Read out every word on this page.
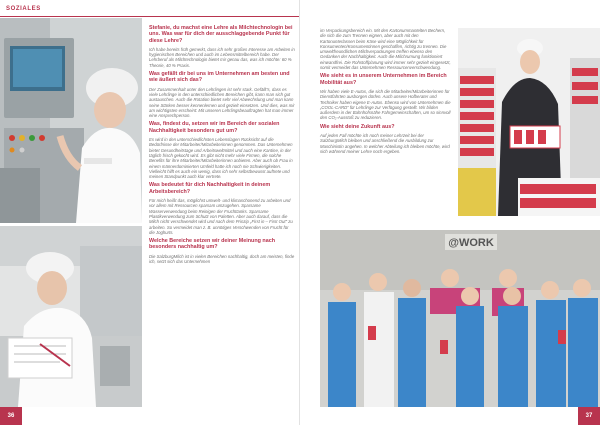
SOZIALES
Stefanie, du machst eine Lehre als Milchtechnologin bei uns. Was war für dich der ausschlaggebende Punkt für diese Lehre?

Ich habe bereits früh gemerkt, dass ich sehr großes Interesse am Arbeiten in hygienischen Bereichen und auch im Lebensmittelbereich habe. Der Lehrberuf als Milchtechnologin bietet mir genau das, was ich möchte: 60 % Theorie, 40 % Praxis.

Was gefällt dir bei uns im Unternehmen am besten und wie äußert sich das?

Der Zusammenhalt unter den Lehrlingen ist sehr stark. Gefällt's, dass es viele Lehrlinge in den unterschiedlichen Bereichen gibt, kann man sich gut austauschen. Auch die Rotation bietet sehr viel Abwechslung und man kann seine Stärken besser kennenlernen und gezielt einsetzen. Und dies, was mir am wichtigsten erscheint: Mit unseren Lehrlingsbeauftragten hat man immer eine Ansprechperson.

Was, findest du, setzen wir im Bereich der sozialen Nachhaltigkeit besonders gut um?

Es wird in den unterschiedlichsten Lebenslagen Rücksicht auf die Bedürfnisse der Mitarbeiter/Mitarbeiterinnen genommen. Das Unternehmen bietet Gesundheitstage und Arbeitsweltmittel und auch eine Kantine, in der täglich frisch gekocht wird. Es gibt nicht mehr viele Firmen, die solche Benefits für ihre Mitarbeiter/Mitarbeiterinnen anbieten. Aber auch ob Frau in einem männerdominierten Umfeld hatte ich noch nie Schwierigkeiten. Vielleicht hilft es auch ein wenig, dass ich sehr selbstbewusst auftrete und meinen Standpunkt auch klar vertrete.

Was bedeutet für dich Nachhaltigkeit in deinem Arbeitsbereich?

Für mich heißt das, möglichst umwelt- und klimaschonend zu arbeiten und vor allem mit Ressourcen sparsam umzugehen. Sparsame Wasserverwendung beim Reinigen der Fruchttanks. Sparsame Plastikverwendung zum Schutz von Paletten. Aber auch darauf, dass die Milch nicht verschwendet wird und nach dem Prinzip „First in – First Out“ zu arbeiten. So vermeidet man z. B. unnötiges Verschwenden von Frucht für die Joghurts.

Welche Bereiche setzen wir deiner Meinung nach besonders nachhaltig um?

Die SalzburgMilch ist in vielen Bereichen nachhaltig, doch am meisten, finde ich, setzt sich das Unternehmen

36

im Verpackungsbereich ein. Mit den Kartonummantelten Bechern, die sich die zum Trennen eignen, aber auch mit den Kartonunterlassen beim Käse wird eine Möglichkeit für Konsumenten/Konsumentinnen geschaffen, richtig zu trennen. Die umweltfreundlichen Milchverpackungen treffen ebenso den Gedanken der Nachhaltigkeit. Auch die Milchrumung funktioniert einwandfrei. Die Rohstoffplanung wird immer sehr gezielt eingesetzt, somit vermeidet das Unternehmen Ressourcenverschwendung.

Wie sieht es in unserem Unternehmen im Bereich Mobilität aus?

Wir haben viele E-Autos, die sich die Mitarbeiter/Mitarbeiterinnen für Dienstfahrten ausborgen dürfen. Auch unsere Hofberater und Techniker haben eigene E-Autos. Ebenso wird von Unternehmen die „COOL-CARD“ für Lehrlinge zur Verfügung gestellt. Wir bilden außerdem in der Bahnhofsnähe Fahrgemeinschaften, um so sinnvoll den CO₂-Ausstoß zu reduzieren.

Wie sieht deine Zukunft aus?

Auf jeden Fall möchte ich noch meiner Lehrzeit bei der SalzburgMilch bleiben und anschließend die Ausbildung zur Maschinistin angehen. In welcher Abteilung ich bleiben möchte, wird sich während meiner Lehre noch ergeben.

@WORK
37
